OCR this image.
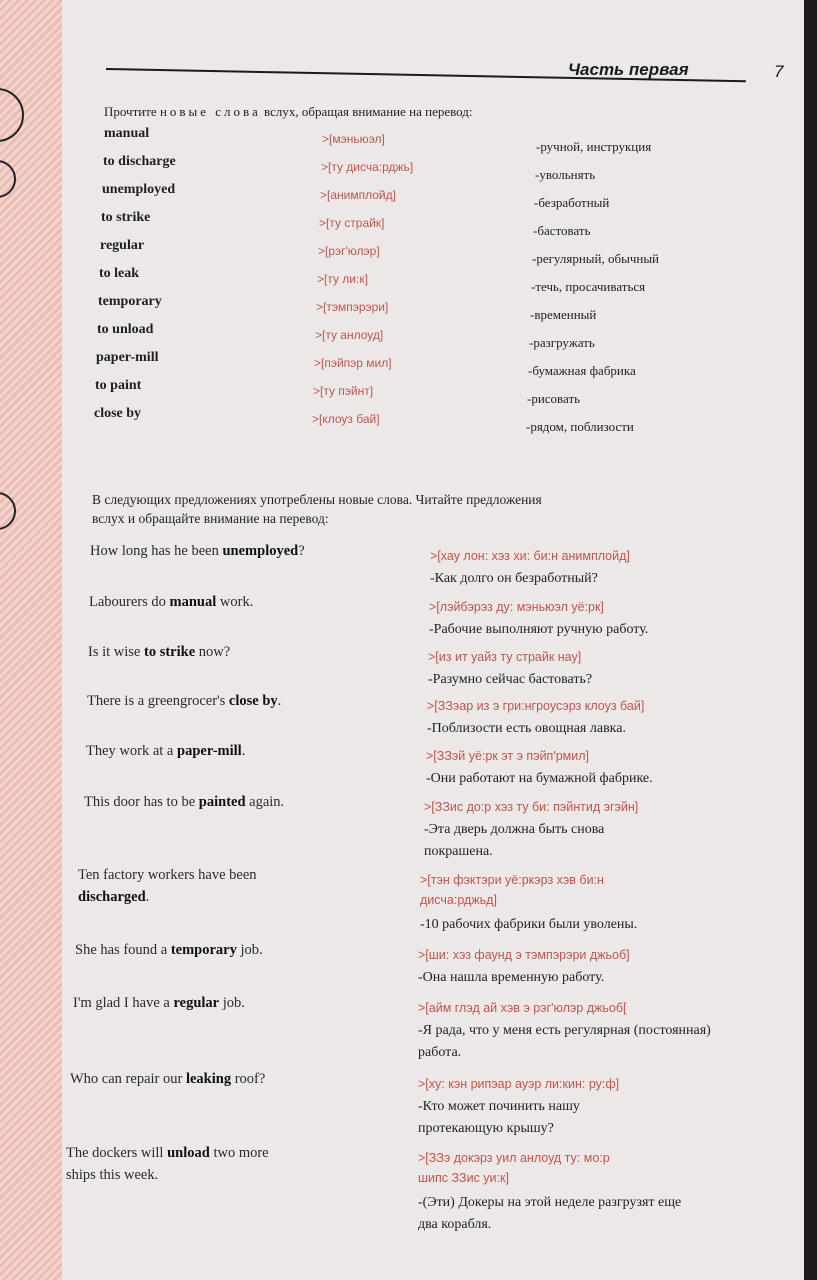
Часть первая	7
Прочтите новые слова вслух, обращая внимание на перевод:
manual	>[мэньюэл]	-ручной, инструкция
to discharge	>[ту дисча:рджь]	-увольнять
unemployed	>[анимплойд]	-безработный
to strike	>[ту страйк]	-бастовать
regular	>[рэг'юлэр]	-регулярный, обычный
to leak	>[ту ли:к]	-течь, просачиваться
temporary	>[тэмпэрэри]	-временный
to unload	>[ту анлоуд]	-разгружать
paper-mill	>[пэйпэр мил]	-бумажная фабрика
to paint	>[ту пэйнт]	-рисовать
close by	>[клоуз бай]	-рядом, поблизости
В следующих предложениях употреблены новые слова. Читайте предложения
вслух и обращайте внимание на перевод:
How long has he been unemployed?	>[хау лон: хэз хи: би:н анимплойд]
-Как долго он безработный?
Labourers do manual work.	>[лэйбэрэз ду: мэньюэл уё:рк]
-Рабочие выполняют ручную работу.
Is it wise to strike now?	>[из ит уайз ту страйк нау]
-Разумно сейчас бастовать?
There is a greengrocer's close by.	>[ЗЗэар из э гри:нгроусэрз клоуз бай]
-Поблизости есть овощная лавка.
They work at a paper-mill.	>[ЗЗэй уё:рк эт э пэйп'рмил]
-Они работают на бумажной фабрике.
This door has to be painted again.	>[ЗЗис до:р хэз ту би: пэйнтид эгэйн]
-Эта дверь должна быть снова покрашена.
Ten factory workers have been discharged.
>[тэн фэктэри уё:ркэрз хэв би:н дисча:рджьд]
-10 рабочих фабрики были уволены.
She has found a temporary job.	>[ши: хэз фаунд э тэмпэрэри джьоб]
-Она нашла временную работу.
I'm glad I have a regular job.	>[айм глэд ай хэв э рэг'юлэр джьоб[
-Я рада, что у меня есть регулярная (постоянная) работа.
Who can repair our leaking roof?	>[ху: кэн рипэар ауэр ли:кин: ру:ф]
-Кто может починить нашу протекающую крышу?
The dockers will unload two more ships this week.
>[ЗЗэ докэрз уил анлоуд ту: мо:р шипс ЗЗис уи:к]
-(Эти) Докеры на этой неделе разгрузят еще два корабля.
